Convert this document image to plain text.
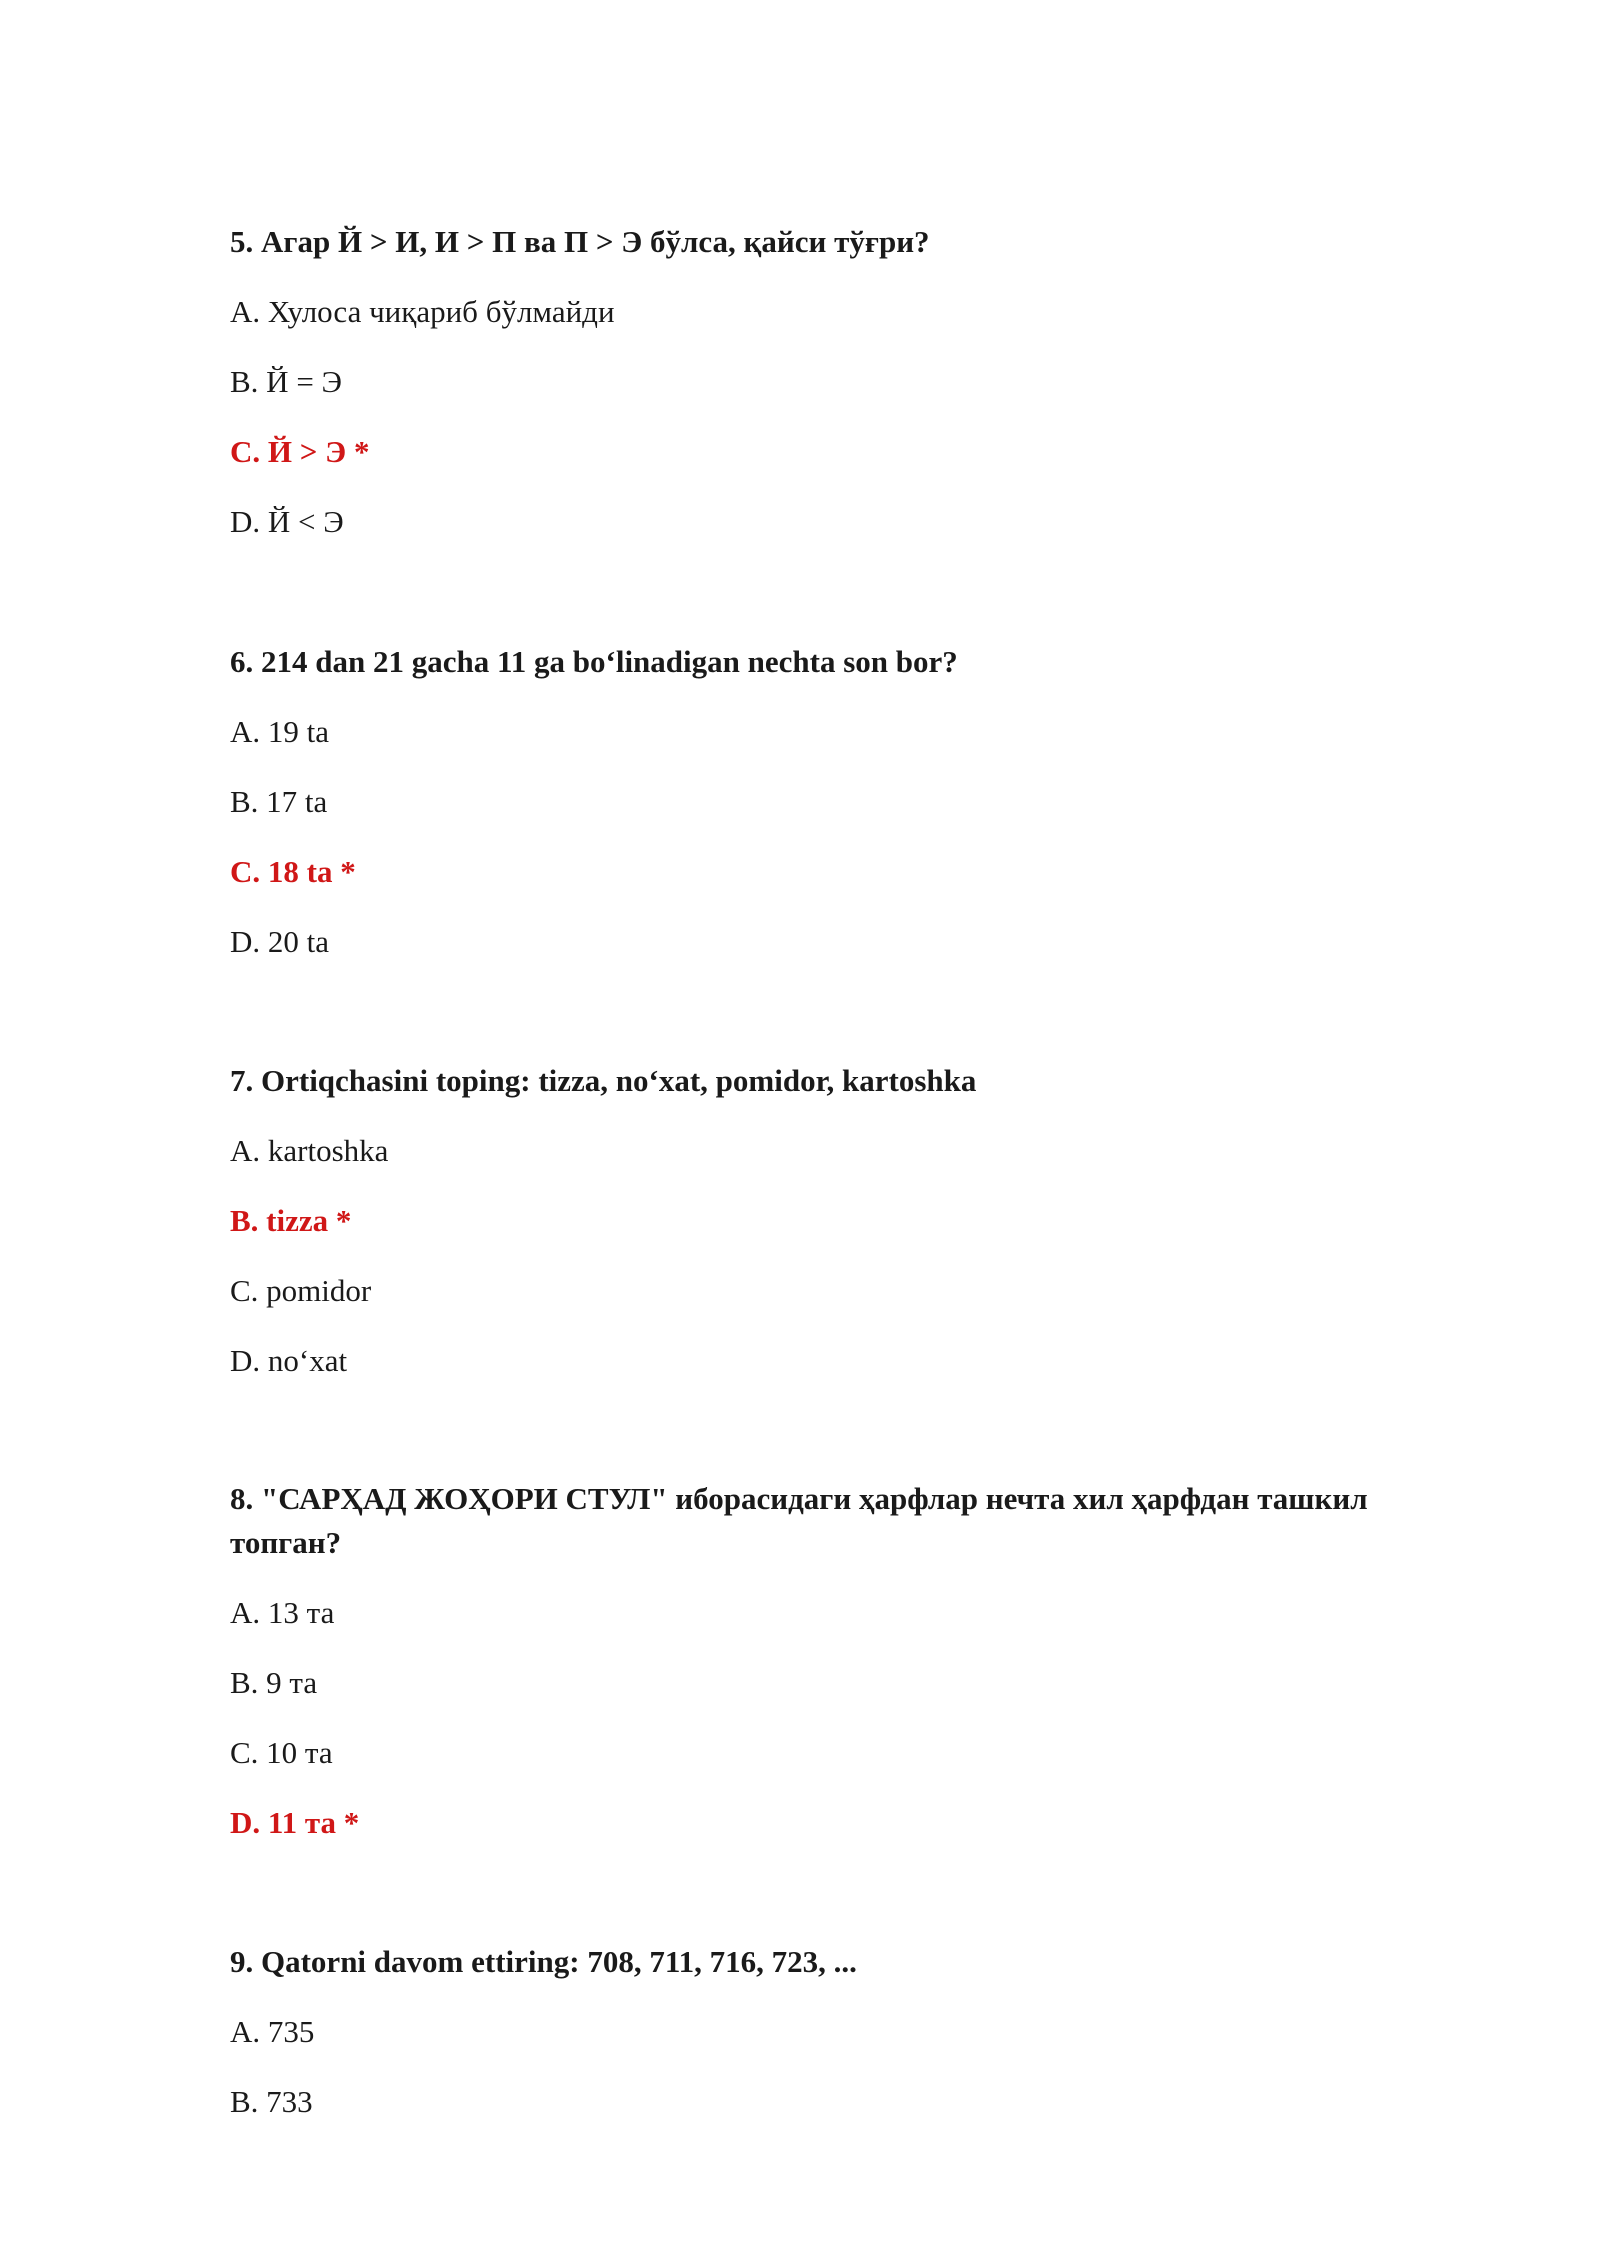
5. Агар Й > И, И > П ва П > Э бўлса, қайси тўғри?

A. Хулоса чиқариб бўлмайди

B. Й = Э

C. Й > Э *

D. Й < Э

6. 214 dan 21 gacha 11 ga bo‘linadigan nechta son bor?

A. 19 ta

B. 17 ta

C. 18 ta *

D. 20 ta

7. Ortiqchasini toping: tizza, no‘xat, pomidor, kartoshka

A. kartoshka

B. tizza *

C. pomidor

D. no‘xat

8. "САРҲАД ЖОҲОРИ СТУЛ" иборасидаги ҳарфлар нечта хил ҳарфдан ташкил топган?

A. 13 та

B. 9 та

C. 10 та

D. 11 та *

9. Qatorni davom ettiring: 708, 711, 716, 723, ...

A. 735

B. 733
